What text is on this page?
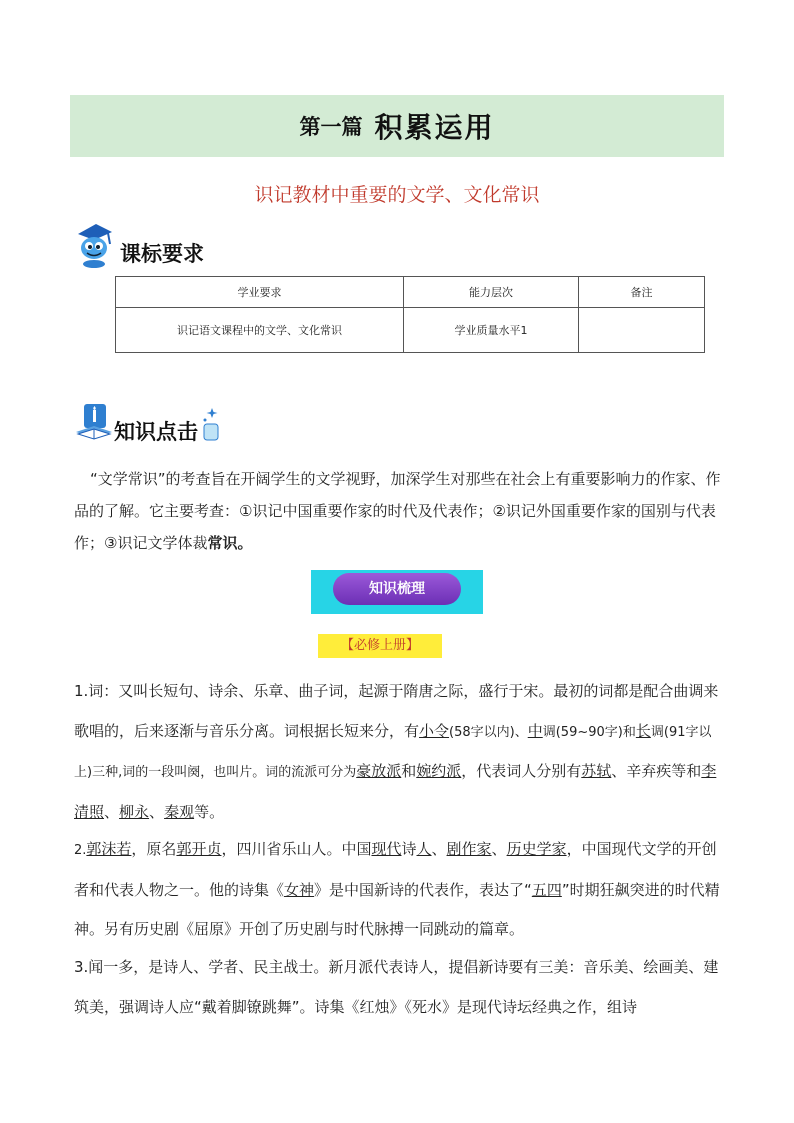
第一篇 积累运用
识记教材中重要的文学、文化常识
课标要求
学业要求	能力层次	备注
识记语文课程中的文学、文化常识	学业质量水平1	
知识点击
“文学常识”的考查旨在开阔学生的文学视野，加深学生对那些在社会上有重要影响力的作家、作品的了解。它主要考查：①识记中国重要作家的时代及代表作；②识记外国重要作家的国别与代表作；③识记文学体裁常识。
知识梳理
【必修上册】
1.词：又叫长短句、诗余、乐章、曲子词，起源于隋唐之际，盛行于宋。最初的词都是配合曲调来歌唱的，后来逐渐与音乐分离。词根据长短来分，有小令(58字以内)、中调(59~90字)和长调(91字以上)三种,词的一段叫阕，也叫片。词的流派可分为豪放派和婉约派，代表词人分别有苏轼、辛弃疾等和李清照、柳永、秦观等。
2.郭沫若，原名郭开贞，四川省乐山人。中国现代诗人、剧作家、历史学家，中国现代文学的开创者和代表人物之一。他的诗集《女神》是中国新诗的代表作，表达了“五四”时期狂飙突进的时代精神。另有历史剧《屈原》开创了历史剧与时代脉搏一同跳动的篇章。
3.闻一多，是诗人、学者、民主战士。新月派代表诗人，提倡新诗要有三美：音乐美、绘画美、建筑美，强调诗人应“戴着脚镣跳舞”。诗集《红烛》《死水》是现代诗坛经典之作，组诗
